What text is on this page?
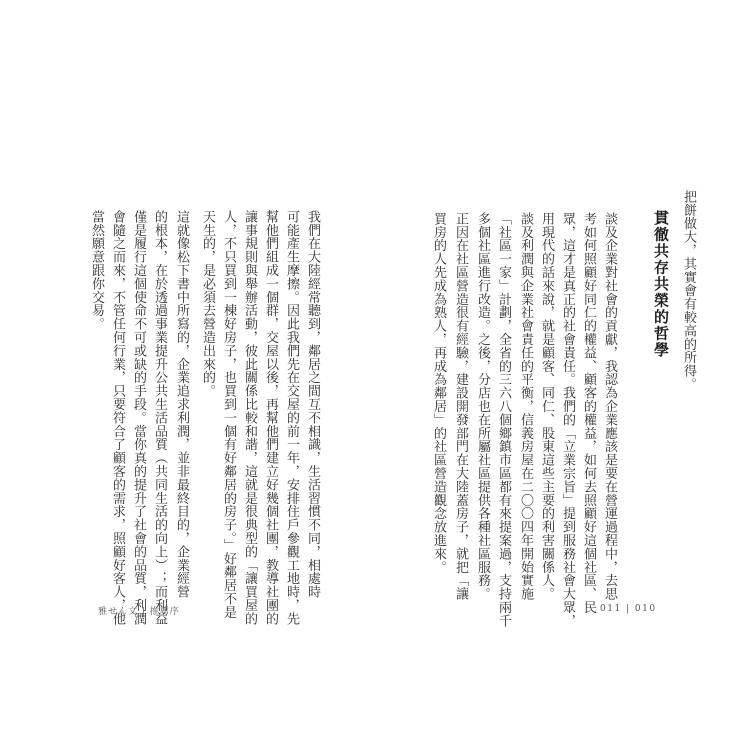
把餅做大，其實會有較高的所得。
貫徹共存共榮的哲學
談及企業對社會的貢獻，我認為企業應該是要在營運過程中，去思
考如何照顧好同仁的權益、顧客的權益，如何去照顧好這個社區、民
眾，這才是真正的社會責任。我們的「立業宗旨」提到服務社會大眾，
用現代的話來說，就是顧客、同仁、股東這些主要的利害關係人。
談及利潤與企業社會責任的平衡，信義房屋在二〇〇四年開始實施
「社區一家」計劃，全省的三六八個鄉鎮市區都有來提案過，支持兩千
多個社區進行改造。之後，分店也在所屬社區提供各種社區服務。
正因在社區營造很有經驗，建設開發部門在大陸蓋房子，就把「讓
買房的人先成為熟人，再成為鄰居」的社區營造觀念放進來。
011 | 010
我們在大陸經常聽到，鄰居之間互不相識，生活習慣不同，相處時
可能產生摩擦。因此我們先在交屋的前一年，安排住戶參觀工地時，先
幫他們組成一個群，交屋以後，再幫他們建立好幾個社團，教導社團的
讓事規則與舉辦活動，彼此關係比較和諧，這就是很典型的「讓買屋的
人，不只買到一棟好房子，也買到一個有好鄰居的房子。」好鄰居不是
天生的，是必須去營造出來的。
這就像松下書中所寫的，企業追求利潤，並非最終目的，企業經營
的根本，在於透過事業提升公共生活品質（共同生活的向上）；而利益
僅是履行這個使命不可或缺的手段。當你真的提升了社會的品質，利潤
會隨之而來，不管任何行業，只要符合了顧客的需求，照顧好客人，他
當然願意跟你交易。
雅せん文 | 推薦序
